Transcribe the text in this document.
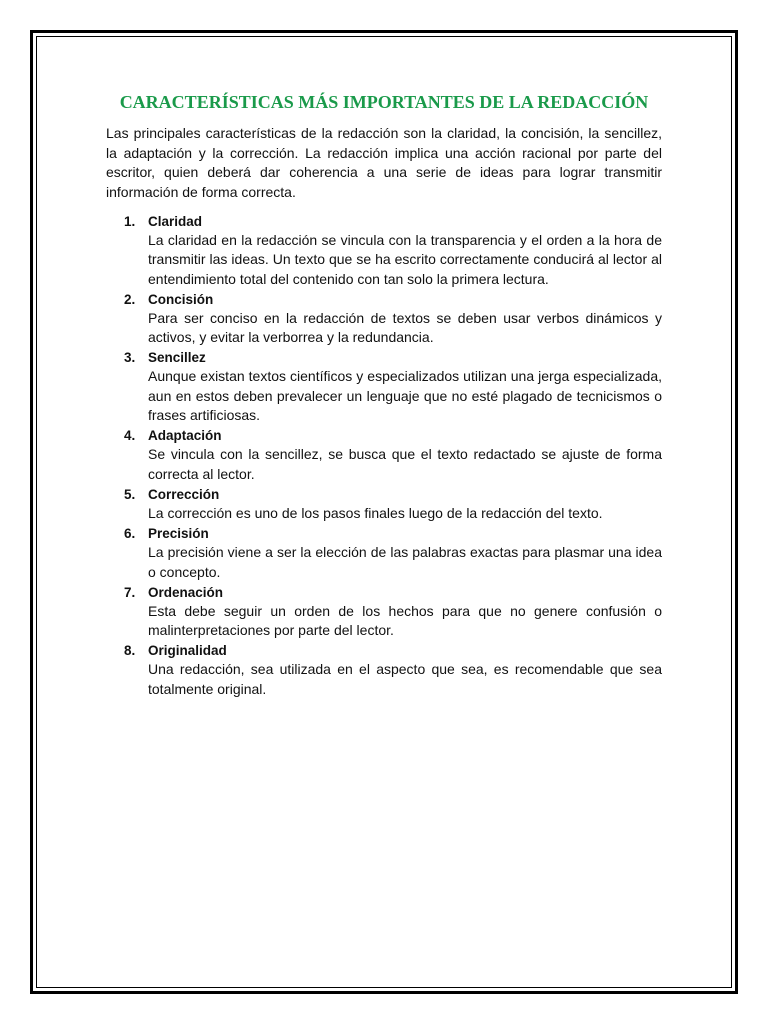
CARACTERÍSTICAS MÁS IMPORTANTES DE LA REDACCIÓN

Las principales características de la redacción son la claridad, la concisión, la sencillez, la adaptación y la corrección. La redacción implica una acción racional por parte del escritor, quien deberá dar coherencia a una serie de ideas para lograr transmitir información de forma correcta.

1. Claridad
La claridad en la redacción se vincula con la transparencia y el orden a la hora de transmitir las ideas. Un texto que se ha escrito correctamente conducirá al lector al entendimiento total del contenido con tan solo la primera lectura.
2. Concisión
Para ser conciso en la redacción de textos se deben usar verbos dinámicos y activos, y evitar la verborrea y la redundancia.
3. Sencillez
Aunque existan textos científicos y especializados utilizan una jerga especializada, aun en estos deben prevalecer un lenguaje que no esté plagado de tecnicismos o frases artificiosas.
4. Adaptación
Se vincula con la sencillez, se busca que el texto redactado se ajuste de forma correcta al lector.
5. Corrección
La corrección es uno de los pasos finales luego de la redacción del texto.
6. Precisión
La precisión viene a ser la elección de las palabras exactas para plasmar una idea o concepto.
7. Ordenación
Esta debe seguir un orden de los hechos para que no genere confusión o malinterpretaciones por parte del lector.
8. Originalidad
Una redacción, sea utilizada en el aspecto que sea, es recomendable que sea totalmente original.
